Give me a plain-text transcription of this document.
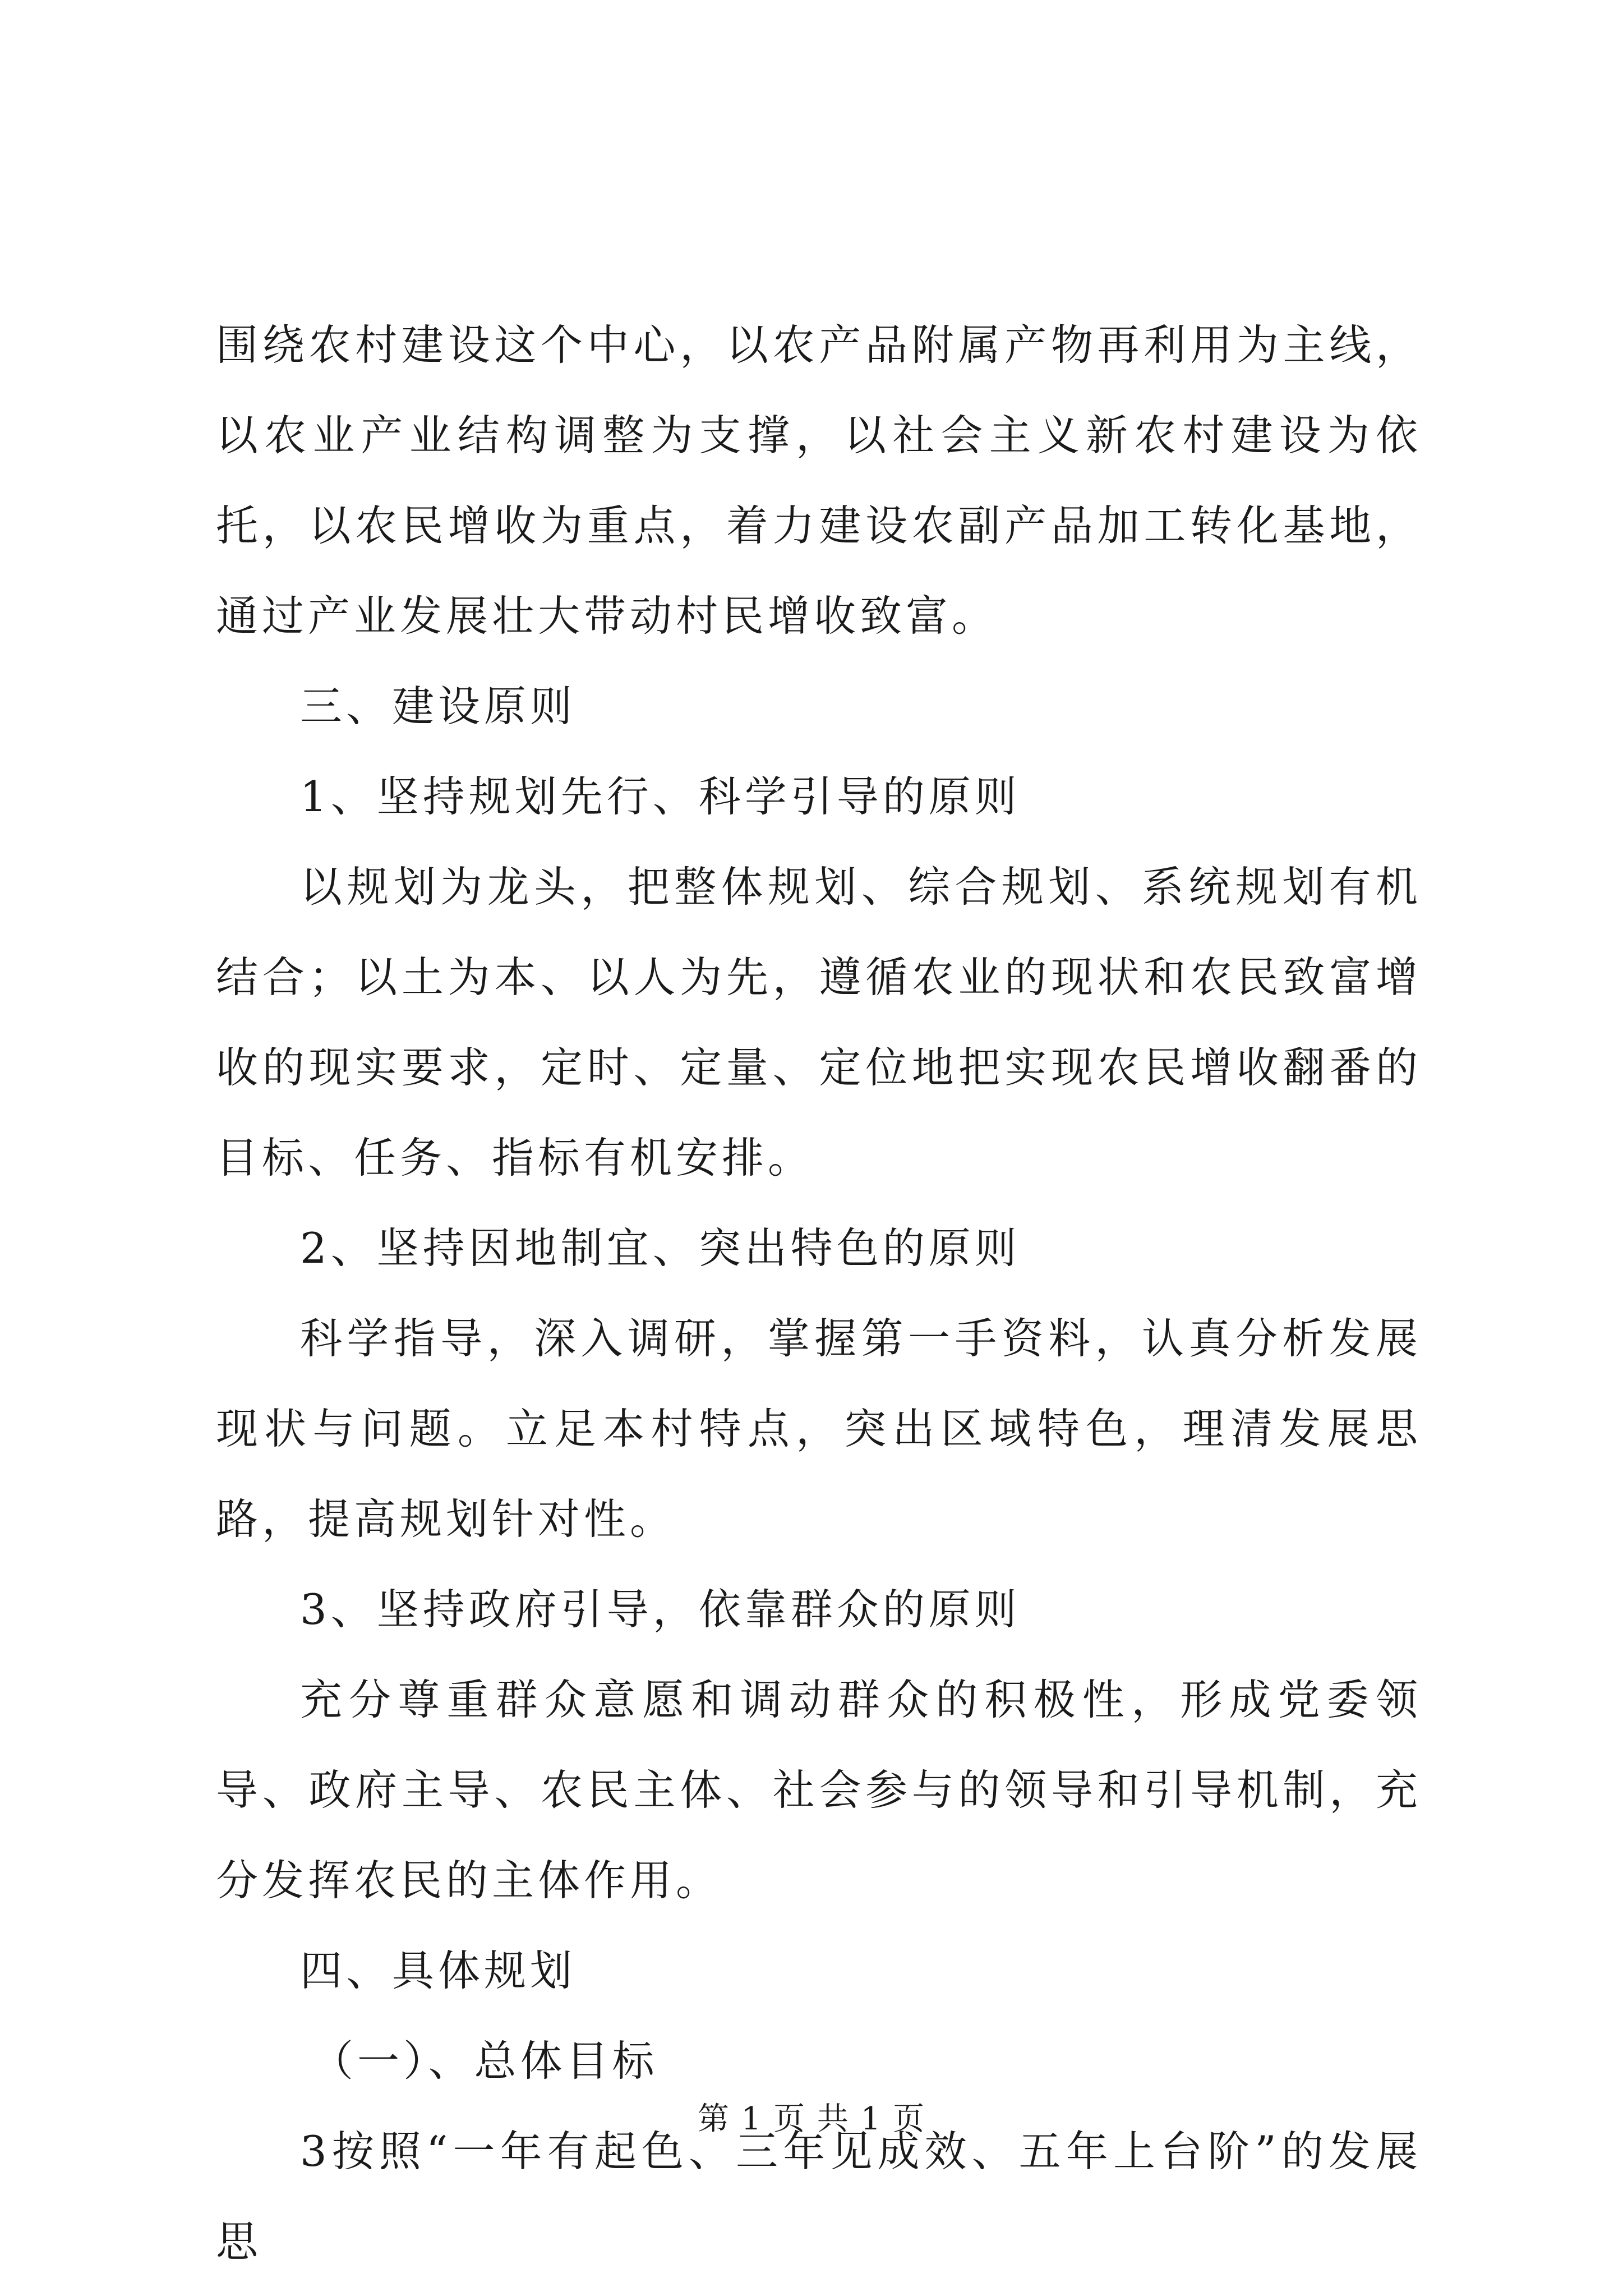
围绕农村建设这个中心，以农产品附属产物再利用为主线，以农业产业结构调整为支撑，以社会主义新农村建设为依托，以农民增收为重点，着力建设农副产品加工转化基地，通过产业发展壮大带动村民增收致富。

三、建设原则

1、坚持规划先行、科学引导的原则

以规划为龙头，把整体规划、综合规划、系统规划有机结合；以土为本、以人为先，遵循农业的现状和农民致富增收的现实要求，定时、定量、定位地把实现农民增收翻番的目标、任务、指标有机安排。

2、坚持因地制宜、突出特色的原则

科学指导，深入调研，掌握第一手资料，认真分析发展现状与问题。立足本村特点，突出区域特色，理清发展思路，提高规划针对性。

3、坚持政府引导，依靠群众的原则

充分尊重群众意愿和调动群众的积极性，形成党委领导、政府主导、农民主体、社会参与的领导和引导机制，充分发挥农民的主体作用。

四、具体规划

（一）、总体目标

3按照“一年有起色、三年见成效、五年上台阶”的发展思

第 1 页 共 1 页
